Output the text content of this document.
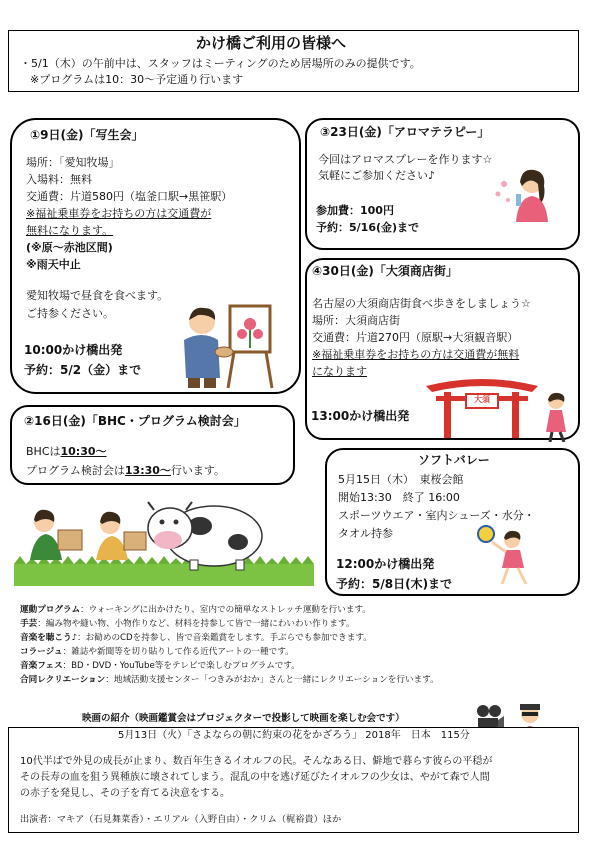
かけ橋ご利用の皆様へ
・5/1（木）の午前中は、スタッフはミーティングのため居場所のみの提供です。
※プログラムは10：30～予定通り行います
①9日(金)「写生会」
場所：「愛知牧場」
入場料：無料
交通費：片道580円（塩釜口駅→黒笹駅）
※福祉乗車券をお持ちの方は交通費が
無料になります。
(※原～赤池区間)
※雨天中止
愛知牧場で昼食を食べます。
ご持参ください。
10:00かけ橋出発
予約：5/2（金）まで
②16日(金)「BHC・プログラム検討会」
BHCは10:30～
プログラム検討会は13:30～行います。
③23日(金)「アロマテラピー」
今回はアロマスプレーを作ります☆
気軽にご参加ください♪
参加費：100円
予約：5/16(金)まで
④30日(金)「大須商店街」
名古屋の大須商店街食べ歩きをしましょう☆
場所：大須商店街
交通費：片道270円（原駅→大須観音駅）
※福祉乗車券をお持ちの方は交通費が無料
になります
13:00かけ橋出発
大須
ソフトバレー
5月15日（木）　東桜会館
開始13:30　終了 16:00
スポーツウエア・室内シューズ・水分・
タオル持参
12:00かけ橋出発
予約：5/8日(木)まで
運動プログラム：ウォーキングに出かけたり、室内での簡単なストレッチ運動を行います。
手芸：編み物や縫い物、小物作りなど、材料を持参して皆で一緒にわいわい作ります。
音楽を聴こう♪：お勧めのCDを持参し、皆で音楽鑑賞をします。手ぶらでも参加できます。
コラージュ：雑誌や新聞等を切り貼りして作る近代アートの一種です。
音楽フェス：BD・DVD・YouTube等をテレビで楽しむプログラムです。
合同レクリエーション：地域活動支援センター「つきみがおか」さんと一緒にレクリエーションを行います。
映画の紹介（映画鑑賞会はプロジェクターで投影して映画を楽しむ会です）
5月13日（火）「さよならの朝に約束の花をかざろう」 2018年　日本　115分
10代半ばで外見の成長が止まり、数百年生きるイオルフの民。そんなある日、僻地で暮らす彼らの平穏が
その長寿の血を狙う異種族に壊されてしまう。混乱の中を逃げ延びたイオルフの少女は、やがて森で人間
の赤子を発見し、その子を育てる決意をする。
出演者：マキア（石見舞菜香）・エリアル（入野自由）・クリム（梶裕貴）ほか
